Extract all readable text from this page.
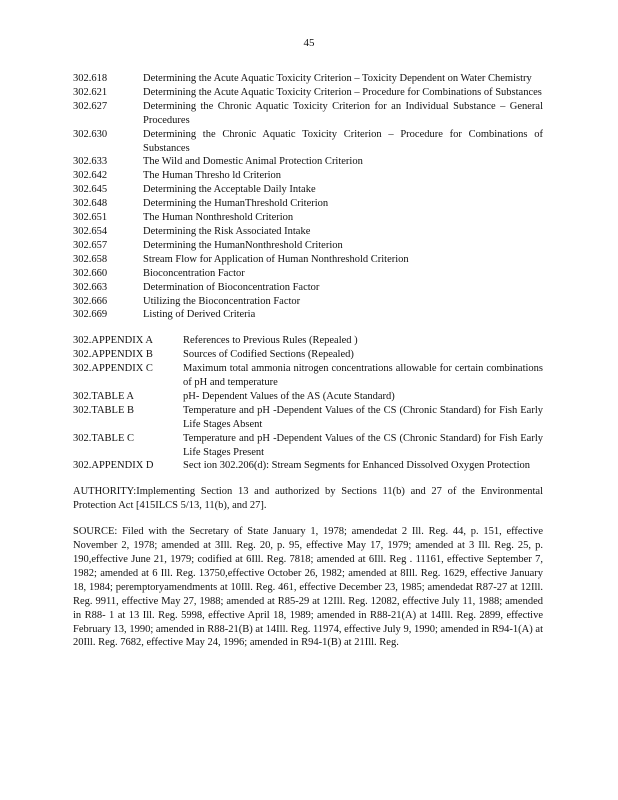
45
302.618	Determining the Acute Aquatic Toxicity Criterion – Toxicity Dependent on Water Chemistry
302.621	Determining the Acute Aquatic Toxicity Criterion – Procedure for Combinations of Substances
302.627	Determining the Chronic Aquatic Toxicity Criterion for an Individual Substance – General Procedures
302.630	Determining the Chronic Aquatic Toxicity Criterion – Procedure for Combinations of Substances
302.633	The Wild and Domestic Animal Protection Criterion
302.642	The Human Thresho ld Criterion
302.645	Determining the Acceptable Daily Intake
302.648	Determining the HumanThreshold Criterion
302.651	The Human Nonthreshold Criterion
302.654	Determining the Risk Associated Intake
302.657	Determining the HumanNonthreshold Criterion
302.658	Stream Flow for Application of Human Nonthreshold Criterion
302.660	Bioconcentration Factor
302.663	Determination of Bioconcentration Factor
302.666	Utilizing the Bioconcentration Factor
302.669	Listing of Derived Criteria
302.APPENDIX A	References to Previous Rules (Repealed )
302.APPENDIX B	Sources of Codified Sections (Repealed)
302.APPENDIX C	Maximum total ammonia nitrogen concentrations allowable for certain combinations of pH and temperature
302.TABLE A	pH- Dependent Values of the AS (Acute Standard)
302.TABLE B	Temperature and pH -Dependent Values of the CS (Chronic Standard) for Fish Early Life Stages Absent
302.TABLE C	Temperature and pH -Dependent Values of the CS (Chronic Standard) for Fish Early Life Stages Present
302.APPENDIX D	Sect ion 302.206(d): Stream Segments for Enhanced Dissolved Oxygen Protection
AUTHORITY:Implementing Section 13 and authorized by Sections 11(b) and 27 of the Environmental Protection Act [415ILCS 5/13, 11(b), and 27].
SOURCE: Filed with the Secretary of State January 1, 1978; amendedat 2 Ill. Reg. 44, p. 151, effective November 2, 1978; amended at 3Ill. Reg. 20, p. 95, effective May 17, 1979; amended at 3 Ill. Reg. 25, p. 190,effective June 21, 1979; codified at 6Ill. Reg. 7818; amended at 6Ill. Reg . 11161, effective September 7, 1982; amended at 6 Ill. Reg. 13750,effective October 26, 1982; amended at 8Ill. Reg. 1629, effective January 18, 1984; peremptoryamendments at 10Ill. Reg. 461, effective December 23, 1985; amendedat R87-27 at 12Ill. Reg. 9911, effective May 27, 1988; amended at R85-29 at 12Ill. Reg. 12082, effective July 11, 1988; amended in R88- 1 at 13 Ill. Reg. 5998, effective April 18, 1989; amended in R88-21(A) at 14Ill. Reg. 2899, effective February 13, 1990; amended in R88-21(B) at 14Ill. Reg. 11974, effective July 9, 1990; amended in R94-1(A) at 20Ill. Reg. 7682, effective May 24, 1996; amended in R94-1(B) at 21Ill. Reg.
